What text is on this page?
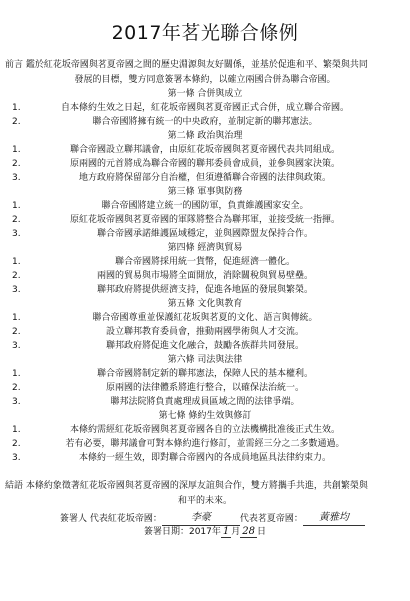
2017年茗光聯合條例
前言 鑑於紅花坂帝國與茗夏帝國之間的歷史淵源與友好關係，並基於促進和平、繁榮與共同
發展的目標，雙方同意簽署本條約，以確立兩國合併為聯合帝國。
第一條 合併與成立
自本條約生效之日起，紅花坂帝國與茗夏帝國正式合併，成立聯合帝國。
1.
聯合帝國將擁有統一的中央政府，並制定新的聯邦憲法。
2.
第二條 政治與治理
聯合帝國設立聯邦議會，由原紅花坂帝國與茗夏帝國代表共同組成。
1.
原兩國的元首將成為聯合帝國的聯邦委員會成員，並參與國家決策。
2.
地方政府將保留部分自治權，但須遵循聯合帝國的法律與政策。
3.
第三條 軍事與防務
聯合帝國將建立統一的國防軍，負責維護國家安全。
1.
原紅花坂帝國與茗夏帝國的軍隊將整合為聯邦軍，並接受統一指揮。
2.
聯合帝國承諾維護區域穩定，並與國際盟友保持合作。
3.
第四條 經濟與貿易
聯合帝國將採用統一貨幣，促進經濟一體化。
1.
兩國的貿易與市場將全面開放，消除關稅與貿易壁壘。
2.
聯邦政府將提供經濟支持，促進各地區的發展與繁榮。
3.
第五條 文化與教育
聯合帝國尊重並保護紅花坂與茗夏的文化、語言與傳統。
1.
設立聯邦教育委員會，推動兩國學術與人才交流。
2.
聯邦政府將促進文化融合，鼓勵各族群共同發展。
3.
第六條 司法與法律
聯合帝國將制定新的聯邦憲法，保障人民的基本權利。
1.
原兩國的法律體系將進行整合，以確保法治統一。
2.
聯邦法院將負責處理成員區域之間的法律爭端。
3.
第七條 條約生效與修訂
本條約需經紅花坂帝國與茗夏帝國各自的立法機構批准後正式生效。
1.
若有必要，聯邦議會可對本條約進行修訂，並需經三分之二多數通過。
2.
本條約一經生效，即對聯合帝國內的各成員地區具法律約束力。
3.
結語 本條約象徵著紅花坂帝國與茗夏帝國的深厚友誼與合作，雙方將攜手共進，共創繁榮與
和平的未來。
簽署人 代表紅花坂帝國：	李豪	代表茗夏帝國： 黃雅均
簽署日期：2017年 1 月 28 日
